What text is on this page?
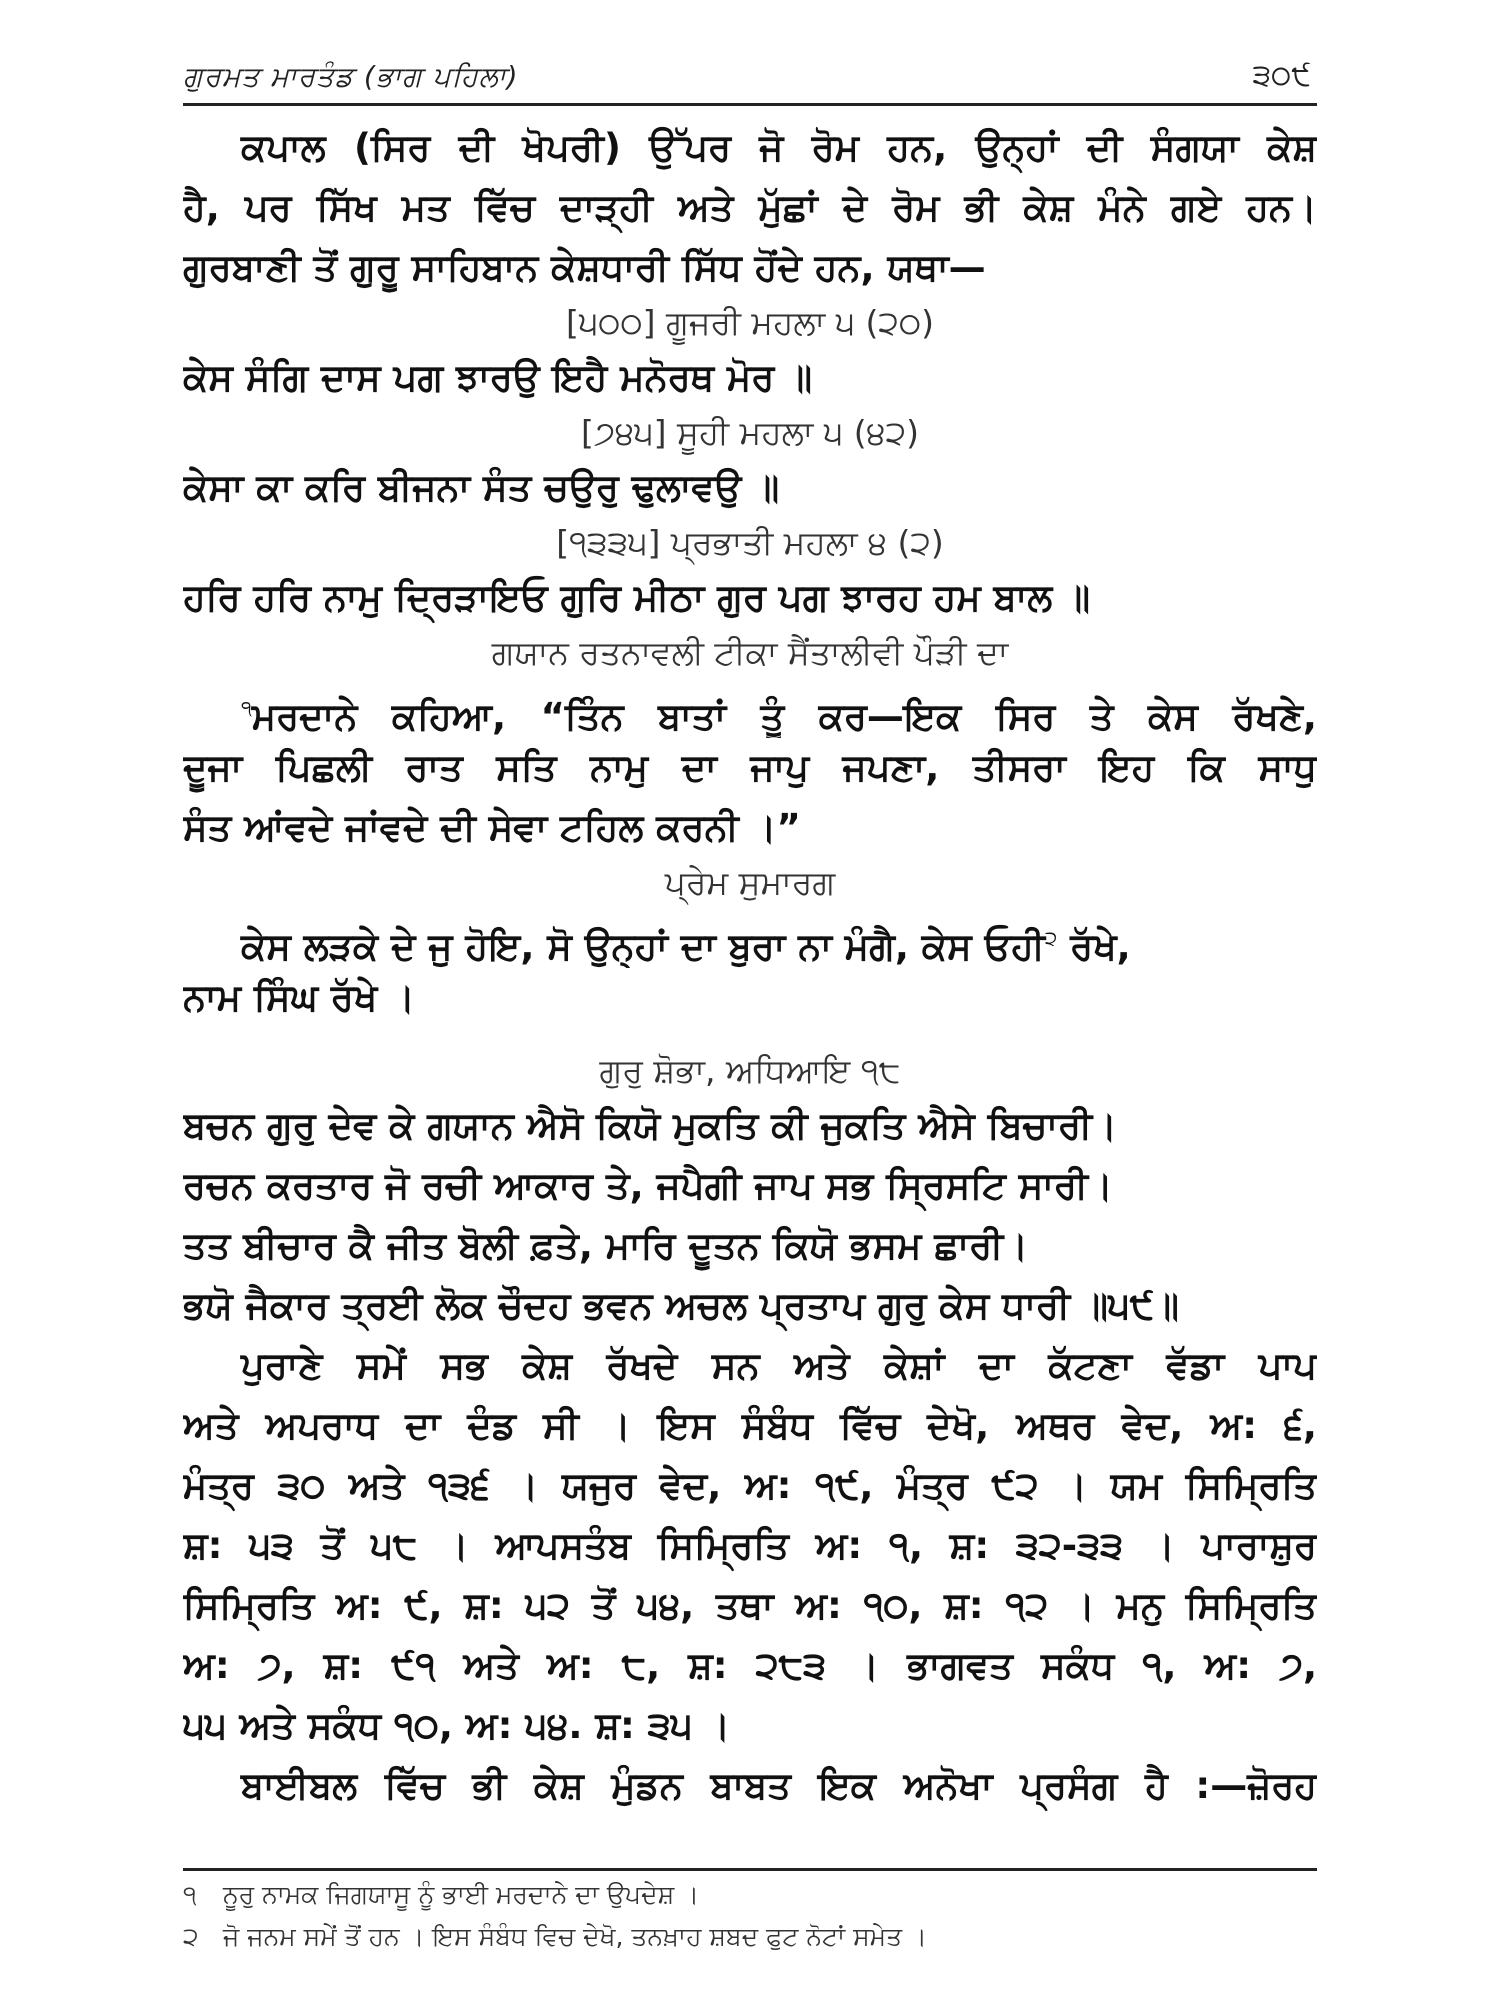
ਗੁਰਮਤ ਮਾਰਤੰਡ (ਭਾਗ ਪਹਿਲਾ)	੩੦੯
ਕਪਾਲ (ਸਿਰ ਦੀ ਖੋਪਰੀ) ਉੱਪਰ ਜੋ ਰੋਮ ਹਨ, ਉਨ੍ਹਾਂ ਦੀ ਸੰਗਯਾ ਕੇਸ਼
ਹੈ, ਪਰ ਸਿੱਖ ਮਤ ਵਿੱਚ ਦਾੜ੍ਹੀ ਅਤੇ ਮੁੱਛਾਂ ਦੇ ਰੋਮ ਭੀ ਕੇਸ਼ ਮੰਨੇ ਗਏ ਹਨ।
ਗੁਰਬਾਣੀ ਤੋਂ ਗੁਰੂ ਸਾਹਿਬਾਨ ਕੇਸ਼ਧਾਰੀ ਸਿੱਧ ਹੋਂਦੇ ਹਨ, ਯਥਾ—
[੫੦੦] ਗੂਜਰੀ ਮਹਲਾ ੫ (੨੦)
ਕੇਸ ਸੰਗਿ ਦਾਸ ਪਗ ਝਾਰਉ ਇਹੈ ਮਨੋਰਥ ਮੋਰ ॥
[੭੪੫] ਸੂਹੀ ਮਹਲਾ ੫ (੪੨)
ਕੇਸਾ ਕਾ ਕਰਿ ਬੀਜਨਾ ਸੰਤ ਚਉਰੁ ਢੁਲਾਵਉ ॥
[੧੩੩੫] ਪ੍ਰਭਾਤੀ ਮਹਲਾ ੪ (੨)
ਹਰਿ ਹਰਿ ਨਾਮੁ ਦ੍ਰਿੜਾਇਓ ਗੁਰਿ ਮੀਠਾ ਗੁਰ ਪਗ ਝਾਰਹ ਹਮ ਬਾਲ ॥
ਗਯਾਨ ਰਤਨਾਵਲੀ ਟੀਕਾ ਸੈਂਤਾਲੀਵੀ ਪੌੜੀ ਦਾ
$^੧$ਮਰਦਾਨੇ ਕਹਿਆ, “ਤਿੰਨ ਬਾਤਾਂ ਤੂੰ ਕਰ—ਇਕ ਸਿਰ ਤੇ ਕੇਸ ਰੱਖਣੇ,
ਦੂਜਾ ਪਿਛਲੀ ਰਾਤ ਸਤਿ ਨਾਮੁ ਦਾ ਜਾਪੁ ਜਪਣਾ, ਤੀਸਰਾ ਇਹ ਕਿ ਸਾਧੁ
ਸੰਤ ਆਂਵਦੇ ਜਾਂਵਦੇ ਦੀ ਸੇਵਾ ਟਹਿਲ ਕਰਨੀ ।”
ਪ੍ਰੇਮ ਸੁਮਾਰਗ
ਕੇਸ ਲੜਕੇ ਦੇ ਜੁ ਹੋਇ, ਸੋ ਉਨ੍ਹਾਂ ਦਾ ਬੁਰਾ ਨਾ ਮੰਗੈ, ਕੇਸ ਓਹੀ$^੨$ ਰੱਖੇ,
ਨਾਮ ਸਿੰਘ ਰੱਖੇ ।
ਗੁਰੁ ਸ਼ੋਭਾ, ਅਧਿਆਇ ੧੮
ਬਚਨ ਗੁਰੁ ਦੇਵ ਕੇ ਗਯਾਨ ਐਸੋ ਕਿਯੋ ਮੁਕਤਿ ਕੀ ਜੁਕਤਿ ਐਸੇ ਬਿਚਾਰੀ।
ਰਚਨ ਕਰਤਾਰ ਜੋ ਰਚੀ ਆਕਾਰ ਤੇ, ਜਪੈਗੀ ਜਾਪ ਸਭ ਸ੍ਰਿਸਟਿ ਸਾਰੀ।
ਤਤ ਬੀਚਾਰ ਕੈ ਜੀਤ ਬੋਲੀ ਫ਼ਤੇ, ਮਾਰਿ ਦੂਤਨ ਕਿਯੋ ਭਸਮ ਛਾਰੀ।
ਭਯੋ ਜੈਕਾਰ ਤ੍ਰਈ ਲੋਕ ਚੌਦਹ ਭਵਨ ਅਚਲ ਪ੍ਰਤਾਪ ਗੁਰੁ ਕੇਸ ਧਾਰੀ ॥੫੯॥
ਪੁਰਾਣੇ ਸਮੇਂ ਸਭ ਕੇਸ਼ ਰੱਖਦੇ ਸਨ ਅਤੇ ਕੇਸ਼ਾਂ ਦਾ ਕੱਟਣਾ ਵੱਡਾ ਪਾਪ
ਅਤੇ ਅਪਰਾਧ ਦਾ ਦੰਡ ਸੀ । ਇਸ ਸੰਬੰਧ ਵਿੱਚ ਦੇਖੋ, ਅਥਰ ਵੇਦ, ਅ: ੬,
ਮੰਤ੍ਰ ੩੦ ਅਤੇ ੧੩੬ । ਯਜੁਰ ਵੇਦ, ਅ: ੧੯, ਮੰਤ੍ਰ ੯੨ । ਯਮ ਸਿਮ੍ਰਿਤਿ
ਸ਼: ੫੩ ਤੋਂ ੫੮ । ਆਪਸਤੰਬ ਸਿਮ੍ਰਿਤਿ ਅ: ੧, ਸ਼: ੩੨-੩੩ । ਪਾਰਾਸ਼ੁਰ
ਸਿਮ੍ਰਿਤਿ ਅ: ੯, ਸ਼: ੫੨ ਤੋਂ ੫੪, ਤਥਾ ਅ: ੧੦, ਸ਼: ੧੨ । ਮਨੁ ਸਿਮ੍ਰਿਤਿ
ਅ: ੭, ਸ਼: ੯੧ ਅਤੇ ਅ: ੮, ਸ਼: ੨੮੩ । ਭਾਗਵਤ ਸਕੰਧ ੧, ਅ: ੭,
੫੫ ਅਤੇ ਸਕੰਧ ੧੦, ਅ: ੫੪. ਸ਼: ੩੫ ।
ਬਾਈਬਲ ਵਿੱਚ ਭੀ ਕੇਸ਼ ਮੁੰਡਨ ਬਾਬਤ ਇਕ ਅਨੋਖਾ ਪ੍ਰਸੰਗ ਹੈ :—ਜ਼ੋਰਹ
੧ ਨੂਰੁ ਨਾਮਕ ਜਿਗਯਾਸੂ ਨੂੰ ਭਾਈ ਮਰਦਾਨੇ ਦਾ ਉਪਦੇਸ਼ ।
੨ ਜੋ ਜਨਮ ਸਮੇਂ ਤੋਂ ਹਨ । ਇਸ ਸੰਬੰਧ ਵਿਚ ਦੇਖੋ, ਤਨਖ਼ਾਹ ਸ਼ਬਦ ਫੁਟ ਨੋਟਾਂ ਸਮੇਤ ।
